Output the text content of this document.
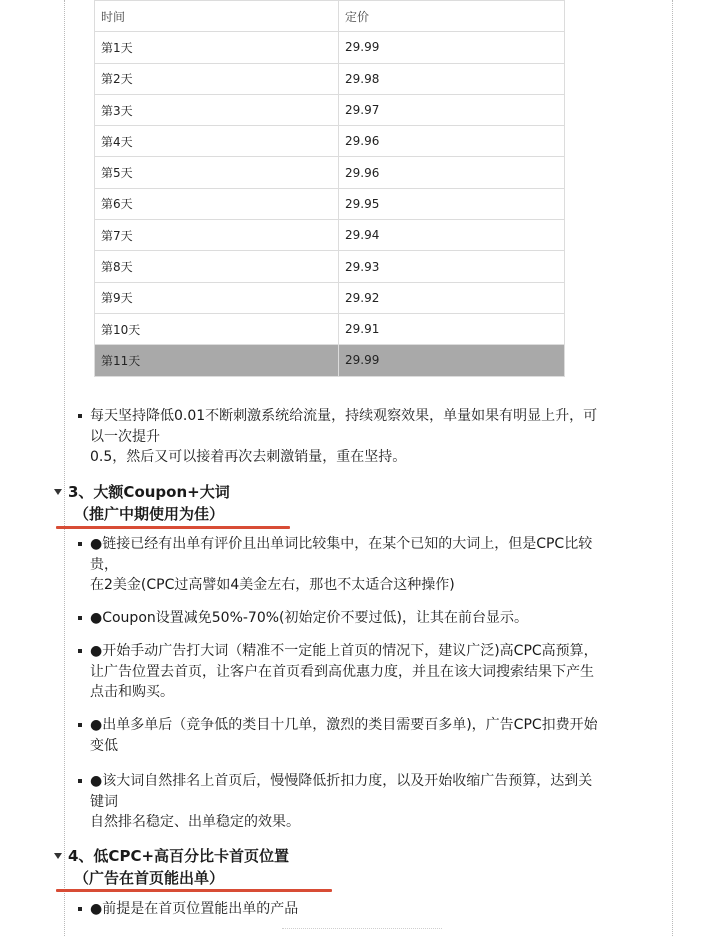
时间	定价
第1天	29.99
第2天	29.98
第3天	29.97
第4天	29.96
第5天	29.96
第6天	29.95
第7天	29.94
第8天	29.93
第9天	29.92
第10天	29.91
第11天	29.99
每天坚持降低0.01不断刺激系统给流量，持续观察效果，单量如果有明显上升，可
以一次提升
0.5，然后又可以接着再次去刺激销量，重在坚持。
3、大额Coupon+大词
（推广中期使用为佳）
●链接已经有出单有评价且出单词比较集中，在某个已知的大词上，但是CPC比较
贵，
在2美金(CPC过高譬如4美金左右，那也不太适合这种操作)
●Coupon设置减免50%-70%(初始定价不要过低)，让其在前台显示。
●开始手动广告打大词（精准不一定能上首页的情况下，建议广泛)高CPC高预算，
让广告位置去首页，让客户在首页看到高优惠力度，并且在该大词搜索结果下产生
点击和购买。
●出单多单后（竞争低的类目十几单，激烈的类目需要百多单)，广告CPC扣费开始
变低
●该大词自然排名上首页后，慢慢降低折扣力度，以及开始收缩广告预算，达到关
键词
自然排名稳定、出单稳定的效果。
4、低CPC+高百分比卡首页位置
（广告在首页能出单）
●前提是在首页位置能出单的产品
